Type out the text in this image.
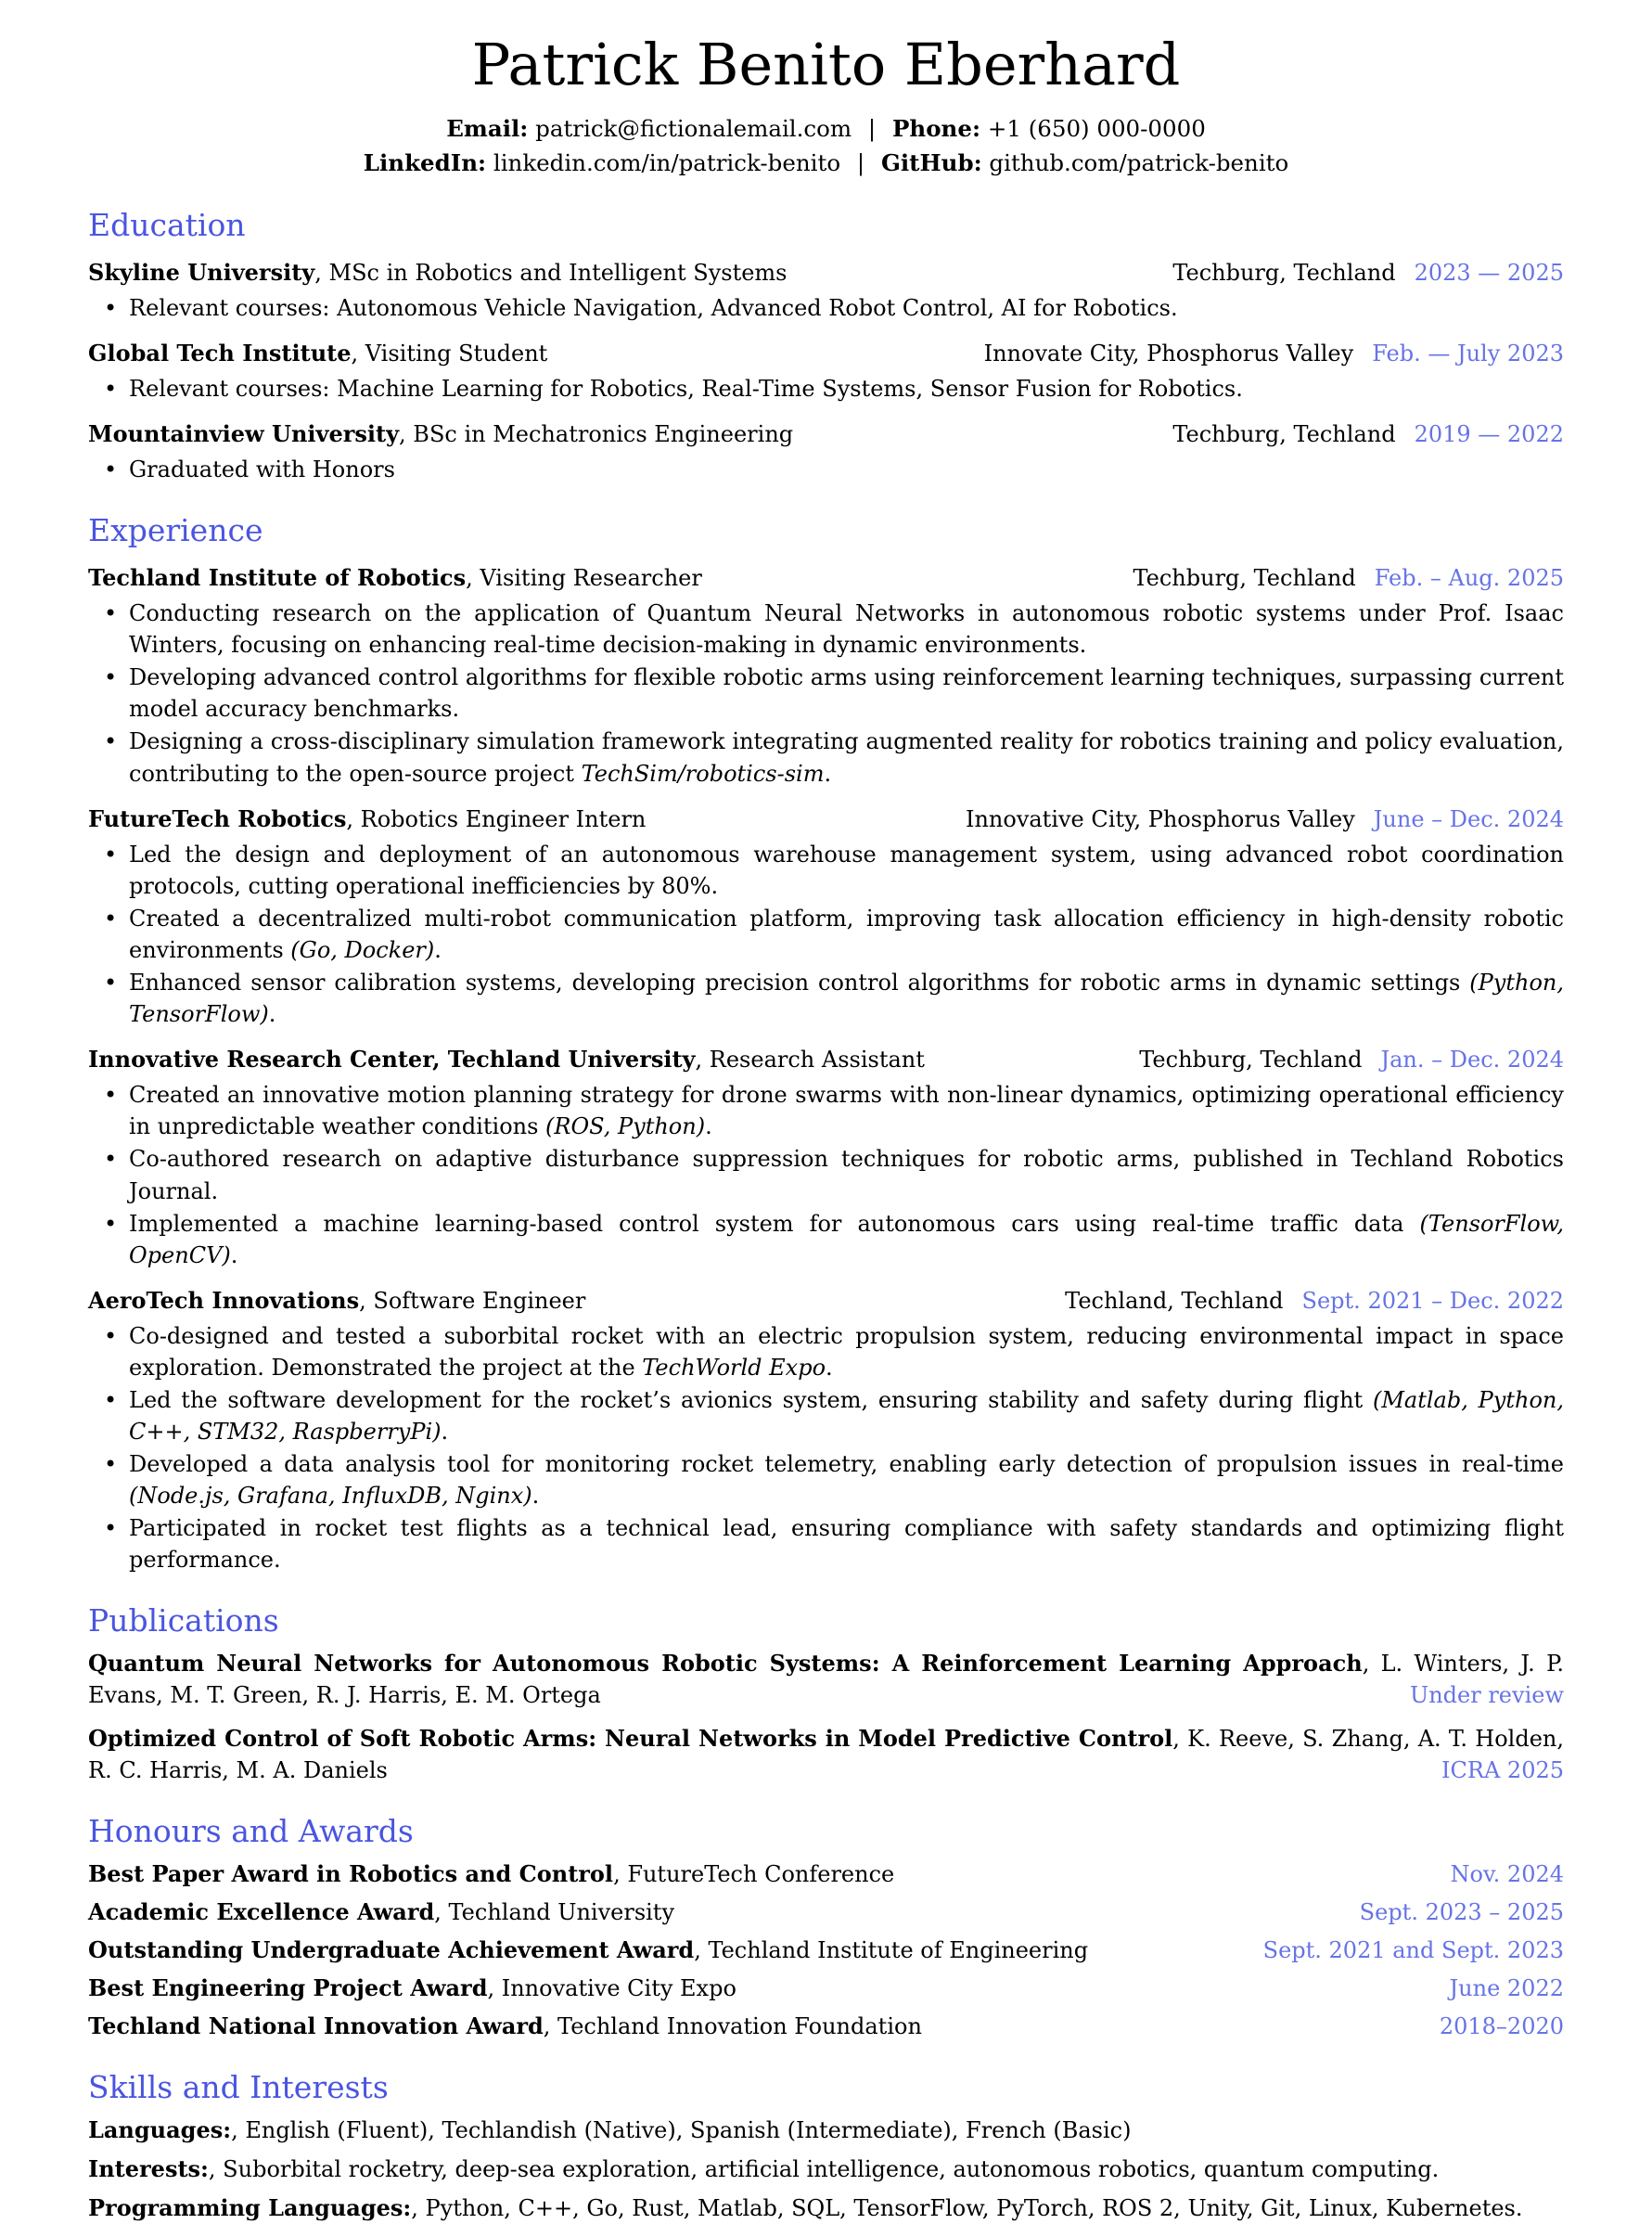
Patrick Benito Eberhard
Email: patrick@fictionalemail.com | Phone: +1 (650) 000-0000
LinkedIn: linkedin.com/in/patrick-benito | GitHub: github.com/patrick-benito
Education
Skyline University, MSc in Robotics and Intelligent Systems	Techburg, Techland 2023 — 2025
• Relevant courses: Autonomous Vehicle Navigation, Advanced Robot Control, AI for Robotics.
Global Tech Institute, Visiting Student	Innovate City, Phosphorus Valley Feb. — July 2023
• Relevant courses: Machine Learning for Robotics, Real-Time Systems, Sensor Fusion for Robotics.
Mountainview University, BSc in Mechatronics Engineering	Techburg, Techland 2019 — 2022
• Graduated with Honors
Experience
Techland Institute of Robotics, Visiting Researcher	Techburg, Techland Feb. – Aug. 2025
• Conducting research on the application of Quantum Neural Networks in autonomous robotic systems under Prof. Isaac Winters, focusing on enhancing real-time decision-making in dynamic environments.
• Developing advanced control algorithms for flexible robotic arms using reinforcement learning techniques, surpassing current model accuracy benchmarks.
• Designing a cross-disciplinary simulation framework integrating augmented reality for robotics training and policy evaluation, contributing to the open-source project TechSim/robotics-sim.
FutureTech Robotics, Robotics Engineer Intern	Innovative City, Phosphorus Valley June – Dec. 2024
• Led the design and deployment of an autonomous warehouse management system, using advanced robot coordination protocols, cutting operational inefficiencies by 80%.
• Created a decentralized multi-robot communication platform, improving task allocation efficiency in high-density robotic environments (Go, Docker).
• Enhanced sensor calibration systems, developing precision control algorithms for robotic arms in dynamic settings (Python, TensorFlow).
Innovative Research Center, Techland University, Research Assistant	Techburg, Techland Jan. – Dec. 2024
• Created an innovative motion planning strategy for drone swarms with non-linear dynamics, optimizing operational efficiency in unpredictable weather conditions (ROS, Python).
• Co-authored research on adaptive disturbance suppression techniques for robotic arms, published in Techland Robotics Journal.
• Implemented a machine learning-based control system for autonomous cars using real-time traffic data (TensorFlow, OpenCV).
AeroTech Innovations, Software Engineer	Techland, Techland Sept. 2021 – Dec. 2022
• Co-designed and tested a suborbital rocket with an electric propulsion system, reducing environmental impact in space exploration. Demonstrated the project at the TechWorld Expo.
• Led the software development for the rocket’s avionics system, ensuring stability and safety during flight (Matlab, Python, C++, STM32, RaspberryPi).
• Developed a data analysis tool for monitoring rocket telemetry, enabling early detection of propulsion issues in real-time (Node.js, Grafana, InfluxDB, Nginx).
• Participated in rocket test flights as a technical lead, ensuring compliance with safety standards and optimizing flight performance.
Publications

Quantum Neural Networks for Autonomous Robotic Systems: A Reinforcement Learning Approach, L. Winters, J. P. Evans, M. T. Green, R. J. Harris, E. M. Ortega	Under review

Optimized Control of Soft Robotic Arms: Neural Networks in Model Predictive Control, K. Reeve, S. Zhang, A. T. Holden, R. C. Harris, M. A. Daniels	ICRA 2025

Honours and Awards
Best Paper Award in Robotics and Control, FutureTech Conference	Nov. 2024
Academic Excellence Award, Techland University	Sept. 2023 – 2025
Outstanding Undergraduate Achievement Award, Techland Institute of Engineering	Sept. 2021 and Sept. 2023
Best Engineering Project Award, Innovative City Expo	June 2022
Techland National Innovation Award, Techland Innovation Foundation	2018–2020
Skills and Interests
Languages:, English (Fluent), Techlandish (Native), Spanish (Intermediate), French (Basic)
Interests:, Suborbital rocketry, deep-sea exploration, artificial intelligence, autonomous robotics, quantum computing.
Programming Languages:, Python, C++, Go, Rust, Matlab, SQL, TensorFlow, PyTorch, ROS 2, Unity, Git, Linux, Kubernetes.
